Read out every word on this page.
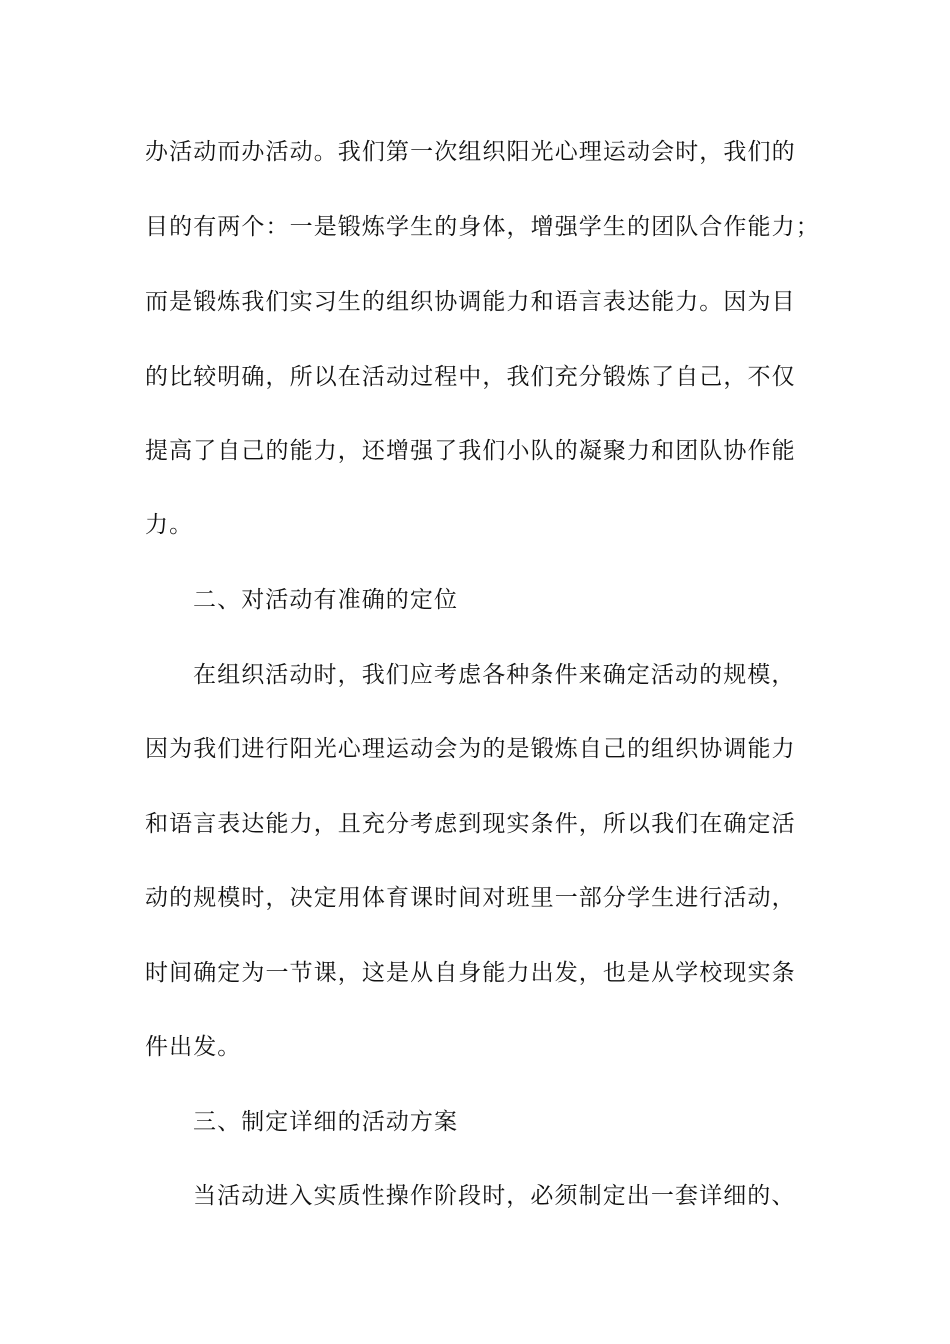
办活动而办活动。我们第一次组织阳光心理运动会时，我们的
目的有两个：一是锻炼学生的身体，增强学生的团队合作能力；
而是锻炼我们实习生的组织协调能力和语言表达能力。因为目
的比较明确，所以在活动过程中，我们充分锻炼了自己，不仅
提高了自己的能力，还增强了我们小队的凝聚力和团队协作能
力。
二、对活动有准确的定位
在组织活动时，我们应考虑各种条件来确定活动的规模，
因为我们进行阳光心理运动会为的是锻炼自己的组织协调能力
和语言表达能力，且充分考虑到现实条件，所以我们在确定活
动的规模时，决定用体育课时间对班里一部分学生进行活动，
时间确定为一节课，这是从自身能力出发，也是从学校现实条
件出发。
三、制定详细的活动方案
当活动进入实质性操作阶段时，必须制定出一套详细的、
